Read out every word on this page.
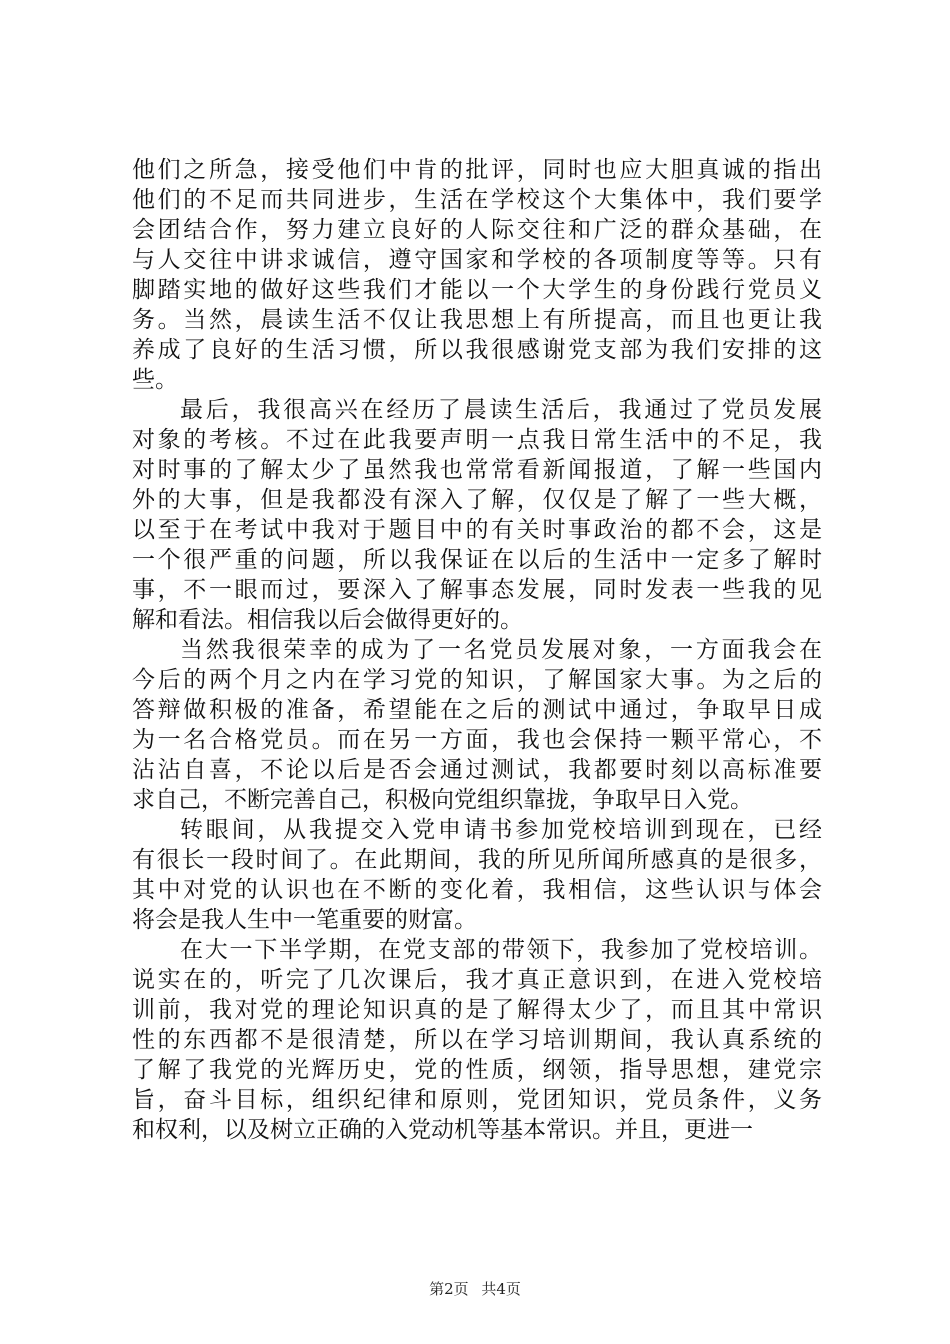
他们之所急，接受他们中肯的批评，同时也应大胆真诚的指出
他们的不足而共同进步，生活在学校这个大集体中，我们要学
会团结合作，努力建立良好的人际交往和广泛的群众基础，在
与人交往中讲求诚信，遵守国家和学校的各项制度等等。只有
脚踏实地的做好这些我们才能以一个大学生的身份践行党员义
务。当然，晨读生活不仅让我思想上有所提高，而且也更让我
养成了良好的生活习惯，所以我很感谢党支部为我们安排的这
些。
最后，我很高兴在经历了晨读生活后，我通过了党员发展
对象的考核。不过在此我要声明一点我日常生活中的不足，我
对时事的了解太少了虽然我也常常看新闻报道，了解一些国内
外的大事，但是我都没有深入了解，仅仅是了解了一些大概，
以至于在考试中我对于题目中的有关时事政治的都不会，这是
一个很严重的问题，所以我保证在以后的生活中一定多了解时
事，不一眼而过，要深入了解事态发展，同时发表一些我的见
解和看法。相信我以后会做得更好的。
当然我很荣幸的成为了一名党员发展对象，一方面我会在
今后的两个月之内在学习党的知识，了解国家大事。为之后的
答辩做积极的准备，希望能在之后的测试中通过，争取早日成
为一名合格党员。而在另一方面，我也会保持一颗平常心，不
沾沾自喜，不论以后是否会通过测试，我都要时刻以高标准要
求自己，不断完善自己，积极向党组织靠拢，争取早日入党。
转眼间，从我提交入党申请书参加党校培训到现在，已经
有很长一段时间了。在此期间，我的所见所闻所感真的是很多，
其中对党的认识也在不断的变化着，我相信，这些认识与体会
将会是我人生中一笔重要的财富。
在大一下半学期，在党支部的带领下，我参加了党校培训。
说实在的，听完了几次课后，我才真正意识到，在进入党校培
训前，我对党的理论知识真的是了解得太少了，而且其中常识
性的东西都不是很清楚，所以在学习培训期间，我认真系统的
了解了我党的光辉历史，党的性质，纲领，指导思想，建党宗
旨，奋斗目标，组织纪律和原则，党团知识，党员条件，义务
和权利，以及树立正确的入党动机等基本常识。并且，更进一
第2页 共4页
